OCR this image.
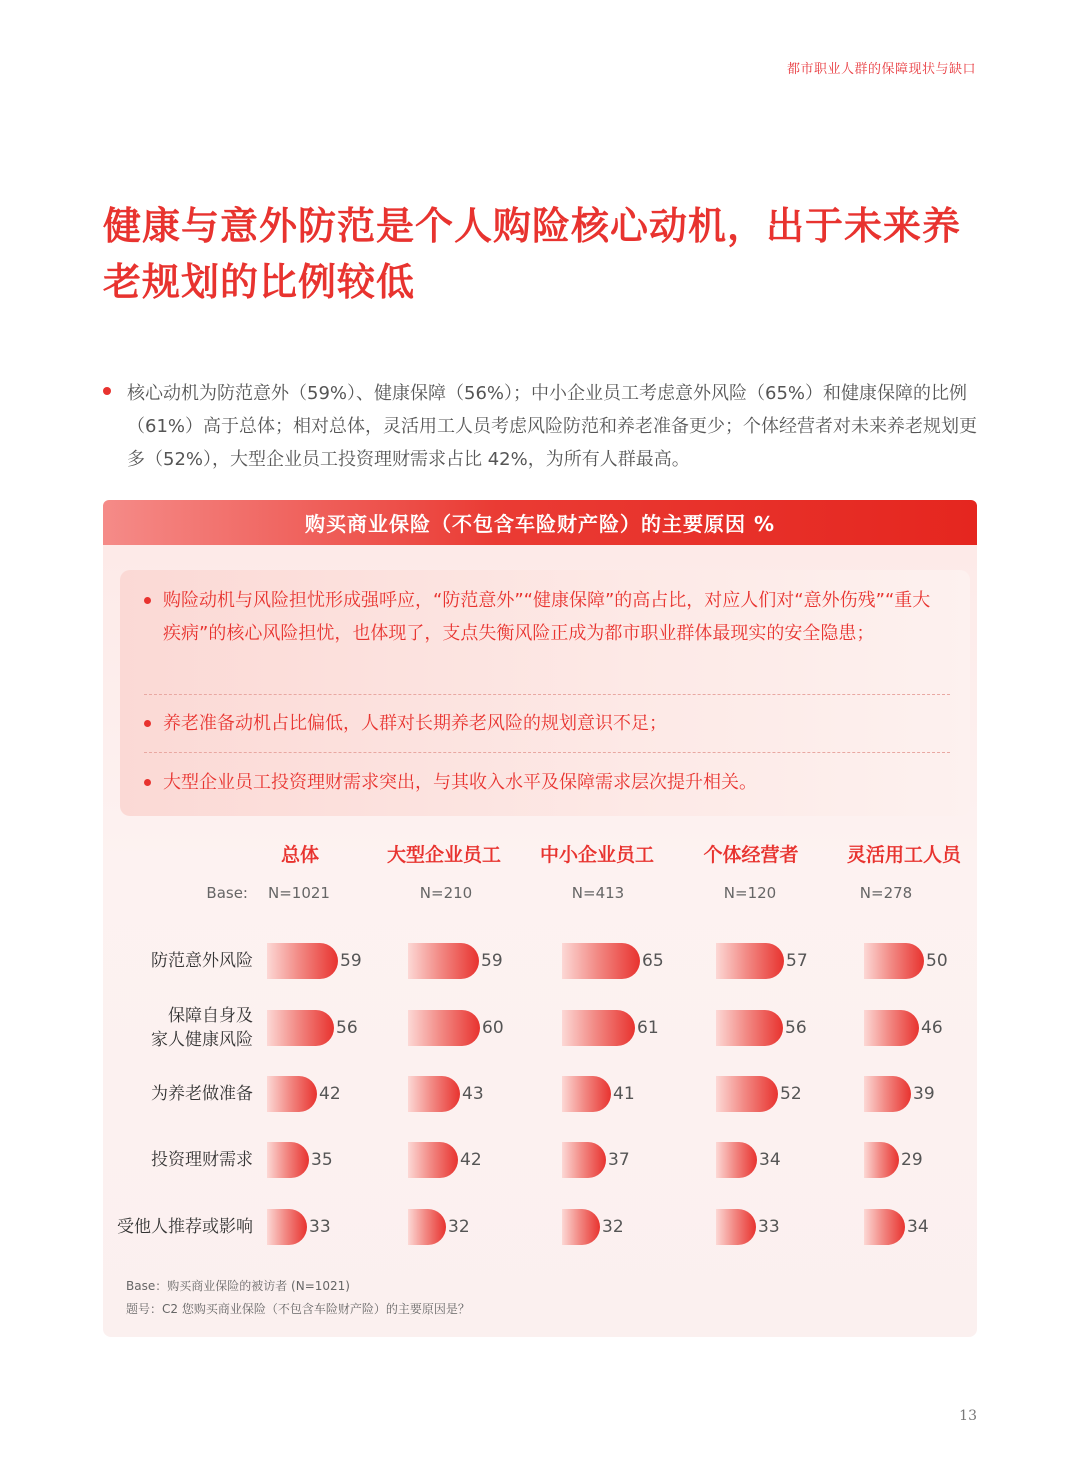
都市职业人群的保障现状与缺口
健康与意外防范是个人购险核心动机，出于未来养老规划的比例较低
核心动机为防范意外（59%）、健康保障（56%）；中小企业员工考虑意外风险（65%）和健康保障的比例（61%）高于总体；相对总体，灵活用工人员考虑风险防范和养老准备更少；个体经营者对未来养老规划更多（52%），大型企业员工投资理财需求占比 42%，为所有人群最高。
购买商业保险（不包含车险财产险）的主要原因 %
购险动机与风险担忧形成强呼应，“防范意外”“健康保障”的高占比，对应人们对“意外伤残”“重大疾病”的核心风险担忧，也体现了，支点失衡风险正成为都市职业群体最现实的安全隐患；
养老准备动机占比偏低，人群对长期养老风险的规划意识不足；
大型企业员工投资理财需求突出，与其收入水平及保障需求层次提升相关。
Base:
总体
N=1021
59
56
42
35
33
大型企业员工
N=210
59
60
43
42
32
中小企业员工
N=413
65
61
41
37
32
个体经营者
N=120
57
56
52
34
33
灵活用工人员
N=278
50
46
39
29
34
防范意外风险
保障自身及
家人健康风险
为养老做准备
投资理财需求
受他人推荐或影响
Base：购买商业保险的被访者 (N=1021)
题号：C2 您购买商业保险（不包含车险财产险）的主要原因是？
13
